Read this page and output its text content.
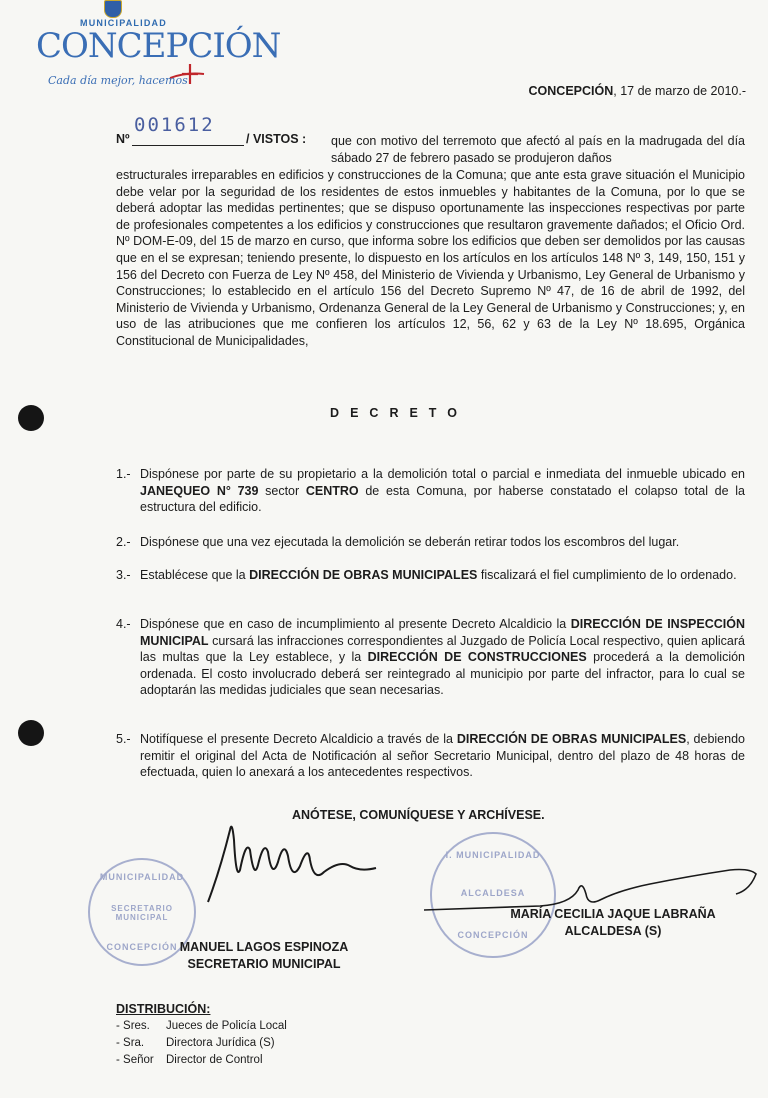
MUNICIPALIDAD
CONCEPCIÓN
Cada día mejor, hacemos
CONCEPCIÓN, 17 de marzo de 2010.-
Nº
001612
/ VISTOS : que con motivo del terremoto que afectó al país en la madrugada del día sábado 27 de febrero pasado se produjeron daños
estructurales irreparables en edificios y construcciones de la Comuna; que ante esta grave situación el Municipio debe velar por la seguridad de los residentes de estos inmuebles y habitantes de la Comuna, por lo que se deberá adoptar las medidas pertinentes; que se dispuso oportunamente las inspecciones respectivas por parte de profesionales competentes a los edificios y construcciones que resultaron gravemente dañados; el Oficio Ord. Nº DOM-E-09, del 15 de marzo en curso, que informa sobre los edificios que deben ser demolidos por las causas que en el se expresan; teniendo presente, lo dispuesto en los artículos en los artículos 148 Nº 3, 149, 150, 151 y 156 del Decreto con Fuerza de Ley Nº 458, del Ministerio de Vivienda y Urbanismo, Ley General de Urbanismo y Construcciones; lo establecido en el artículo 156 del Decreto Supremo Nº 47, de 16 de abril de 1992, del Ministerio de Vivienda y Urbanismo, Ordenanza General de la Ley General de Urbanismo y Construcciones; y, en uso de las atribuciones que me confieren los artículos 12, 56, 62 y 63 de la Ley Nº 18.695, Orgánica Constitucional de Municipalidades,
DECRETO
1.- Dispónese por parte de su propietario a la demolición total o parcial e inmediata del inmueble ubicado en JANEQUEO N° 739 sector CENTRO de esta Comuna, por haberse constatado el colapso total de la estructura del edificio.
2.- Dispónese que una vez ejecutada la demolición se deberán retirar todos los escombros del lugar.
3.- Establécese que la DIRECCIÓN DE OBRAS MUNICIPALES fiscalizará el fiel cumplimiento de lo ordenado.
4.- Dispónese que en caso de incumplimiento al presente Decreto Alcaldicio la DIRECCIÓN DE INSPECCIÓN MUNICIPAL cursará las infracciones correspondientes al Juzgado de Policía Local respectivo, quien aplicará las multas que la Ley establece, y la DIRECCIÓN DE CONSTRUCCIONES procederá a la demolición ordenada. El costo involucrado deberá ser reintegrado al municipio por parte del infractor, para lo cual se adoptarán las medidas judiciales que sean necesarias.
5.- Notifíquese el presente Decreto Alcaldicio a través de la DIRECCIÓN DE OBRAS MUNICIPALES, debiendo remitir el original del Acta de Notificación al señor Secretario Municipal, dentro del plazo de 48 horas de efectuada, quien lo anexará a los antecedentes respectivos.
ANÓTESE, COMUNÍQUESE Y ARCHÍVESE.
MUNICIPALIDAD
SECRETARIO MUNICIPAL
CONCEPCIÓN
I. MUNICIPALIDAD
ALCALDESA
CONCEPCIÓN
MANUEL LAGOS ESPINOZA
SECRETARIO MUNICIPAL
MARÍA CECILIA JAQUE LABRAÑA
ALCALDESA (S)
DISTRIBUCIÓN:
- Sres. Jueces de Policía Local
- Sra. Directora Jurídica (S)
- Señor Director de Control
